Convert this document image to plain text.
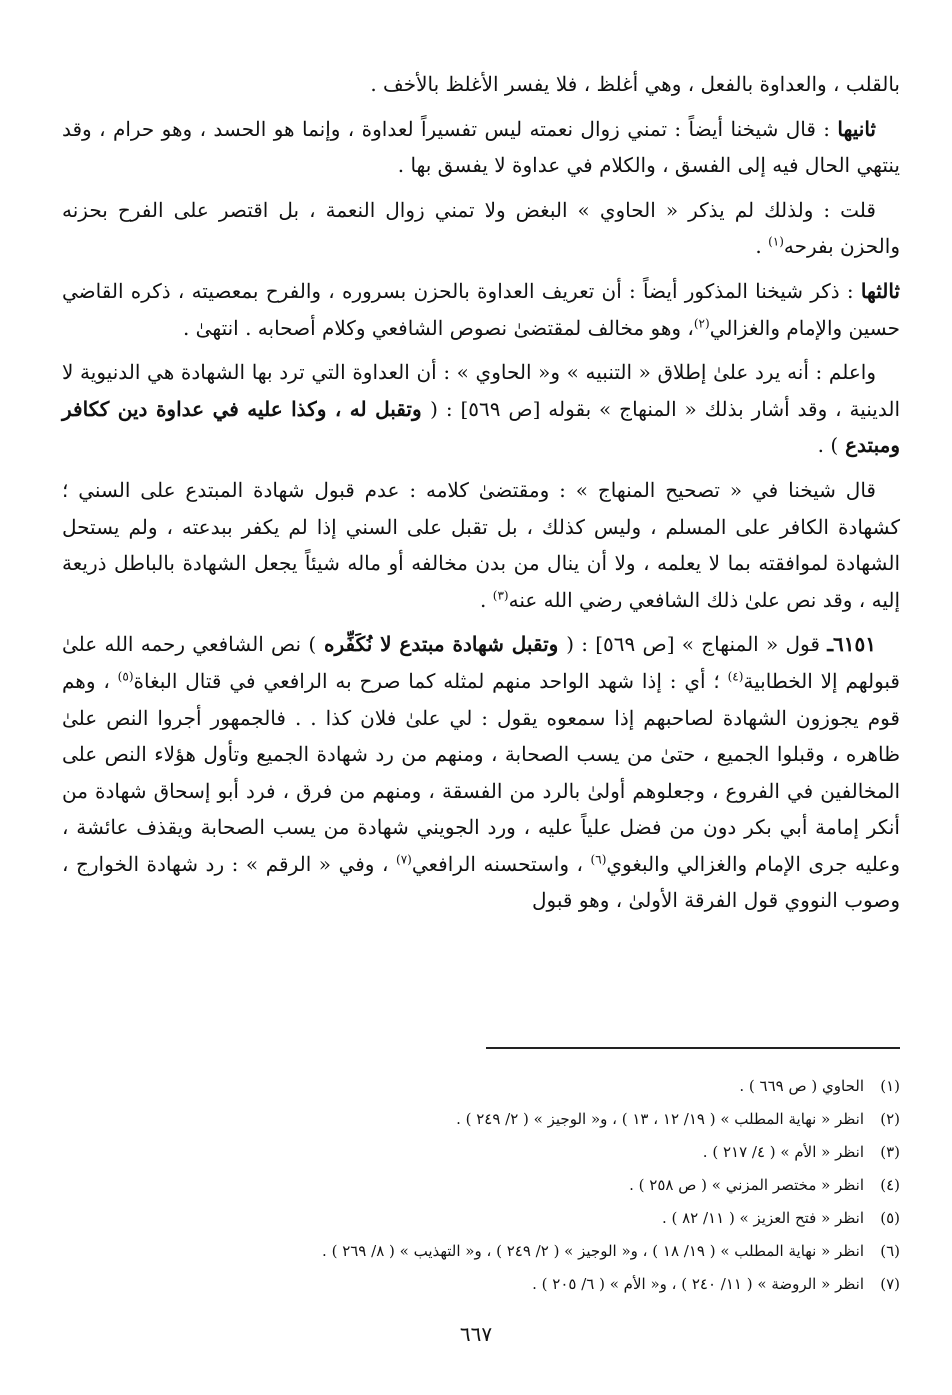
بالقلب ، والعداوة بالفعل ، وهي أغلظ ، فلا يفسر الأغلظ بالأخف .

ثانيها : قال شيخنا أيضاً : تمني زوال نعمته ليس تفسيراً لعداوة ، وإنما هو الحسد ، وهو حرام ، وقد ينتهي الحال فيه إلى الفسق ، والكلام في عداوة لا يفسق بها .

قلت : ولذلك لم يذكر « الحاوي » البغض ولا تمني زوال النعمة ، بل اقتصر على الفرح بحزنه والحزن بفرحه$^{(١)}$ .

ثالثها : ذكر شيخنا المذكور أيضاً : أن تعريف العداوة بالحزن بسروره ، والفرح بمعصيته ، ذكره القاضي حسين والإمام والغزالي$^{(٢)}$، وهو مخالف لمقتضىٰ نصوص الشافعي وكلام أصحابه . انتهىٰ .

واعلم : أنه يرد علىٰ إطلاق « التنبيه » و« الحاوي » : أن العداوة التي ترد بها الشهادة هي الدنيوية لا الدينية ، وقد أشار بذلك « المنهاج » بقوله [ص ٥٦٩] : ( وتقبل له ، وكذا عليه في عداوة دين ككافر ومبتدع ) .

قال شيخنا في « تصحيح المنهاج » : ومقتضىٰ كلامه : عدم قبول شهادة المبتدع على السني ؛ كشهادة الكافر على المسلم ، وليس كذلك ، بل تقبل على السني إذا لم يكفر ببدعته ، ولم يستحل الشهادة لموافقته بما لا يعلمه ، ولا أن ينال من بدن مخالفه أو ماله شيئاً يجعل الشهادة بالباطل ذريعة إليه ، وقد نص علىٰ ذلك الشافعي رضي الله عنه$^{(٣)}$ .

٦١٥١ـ قول « المنهاج » [ص ٥٦٩] : ( وتقبل شهادة مبتدع لا نُكَفِّره ) نص الشافعي رحمه الله علىٰ قبولهم إلا الخطابية$^{(٤)}$ ؛ أي : إذا شهد الواحد منهم لمثله كما صرح به الرافعي في قتال البغاة$^{(٥)}$ ، وهم قوم يجوزون الشهادة لصاحبهم إذا سمعوه يقول : لي علىٰ فلان كذا . . فالجمهور أجروا النص علىٰ ظاهره ، وقبلوا الجميع ، حتىٰ من يسب الصحابة ، ومنهم من رد شهادة الجميع وتأول هؤلاء النص على المخالفين في الفروع ، وجعلوهم أولىٰ بالرد من الفسقة ، ومنهم من فرق ، فرد أبو إسحاق شهادة من أنكر إمامة أبي بكر دون من فضل علياً عليه ، ورد الجويني شهادة من يسب الصحابة ويقذف عائشة ، وعليه جرى الإمام والغزالي والبغوي$^{(٦)}$ ، واستحسنه الرافعي$^{(٧)}$ ، وفي « الرقم » : رد شهادة الخوارج ، وصوب النووي قول الفرقة الأولىٰ ، وهو قبول

(١)الحاوي ( ص ٦٦٩ ) .
(٢)انظر « نهاية المطلب » ( ١٩/ ١٢ ، ١٣ ) ، و« الوجيز » ( ٢/ ٢٤٩ ) .
(٣)انظر « الأم » ( ٤/ ٢١٧ ) .
(٤)انظر « مختصر المزني » ( ص ٢٥٨ ) .
(٥)انظر « فتح العزيز » ( ١١/ ٨٢ ) .
(٦)انظر « نهاية المطلب » ( ١٩/ ١٨ ) ، و« الوجيز » ( ٢/ ٢٤٩ ) ، و« التهذيب » ( ٨/ ٢٦٩ ) .
(٧)انظر « الروضة » ( ١١/ ٢٤٠ ) ، و« الأم » ( ٦/ ٢٠٥ ) .
٦٦٧
